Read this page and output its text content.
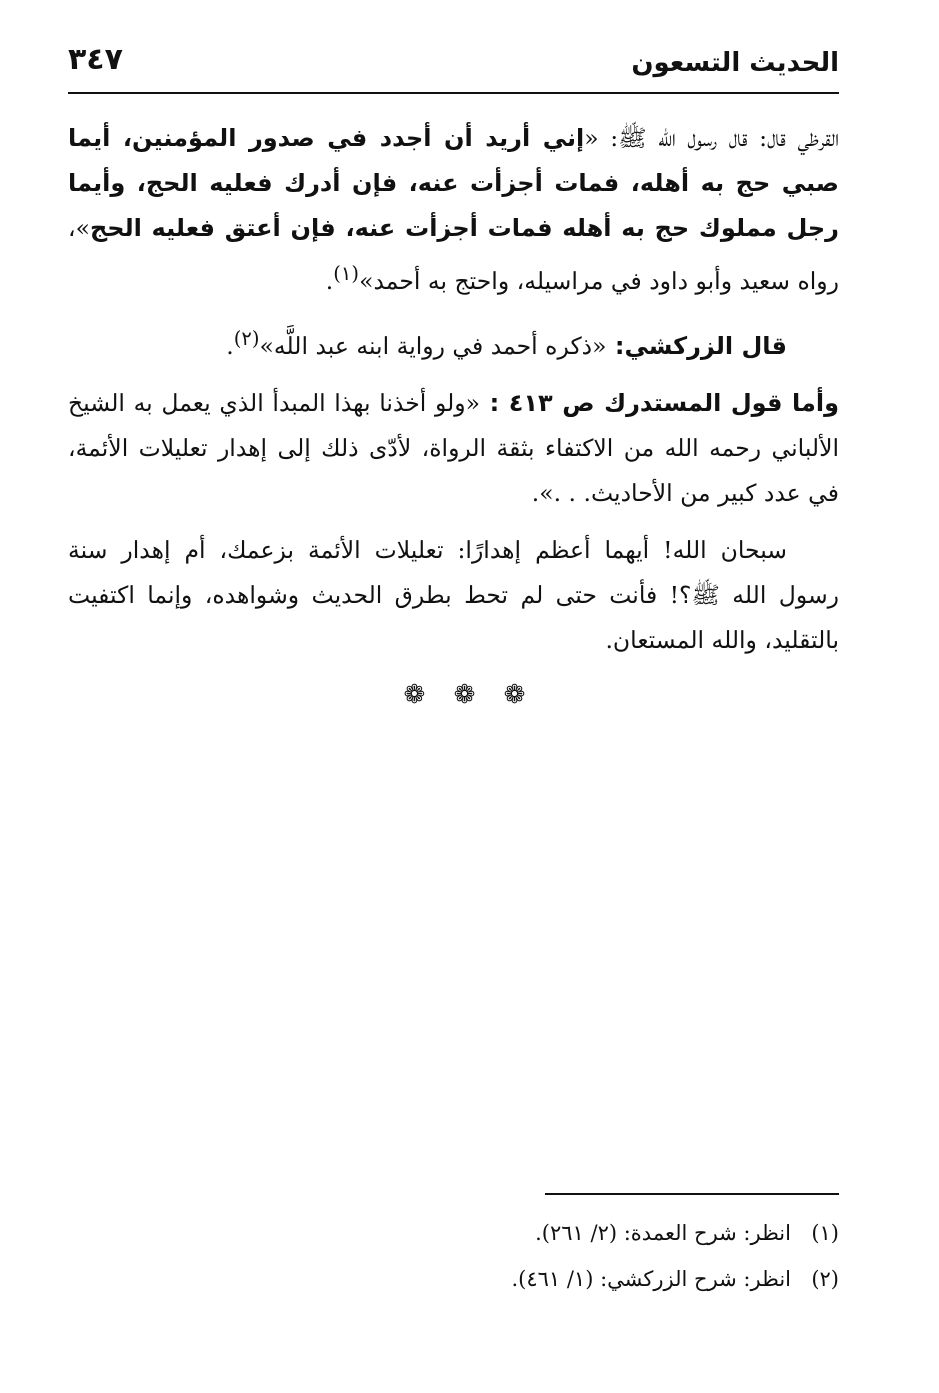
٣٤٧	الحديث التسعون

القرظي قال: قال رسول الله ﷺ: «إني أريد أن أجدد في صدور المؤمنين، أيما صبي حج به أهله، فمات أجزأت عنه، فإن أدرك فعليه الحج، وأيما رجل مملوك حج به أهله فمات أجزأت عنه، فإن أعتق فعليه الحج»، رواه سعيد وأبو داود في مراسيله، واحتج به أحمد»$^{(١)}$.

قال الزركشي: «ذكره أحمد في رواية ابنه عبد اللَّه»$^{(٢)}$.

وأما قول المستدرك ص ٤١٣ : «ولو أخذنا بهذا المبدأ الذي يعمل به الشيخ الألباني رحمه الله من الاكتفاء بثقة الرواة، لأدّى ذلك إلى إهدار تعليلات الأئمة، في عدد كبير من الأحاديث. . .».

سبحان الله! أيهما أعظم إهدارًا: تعليلات الأئمة بزعمك، أم إهدار سنة رسول الله ﷺ؟! فأنت حتى لم تحط بطرق الحديث وشواهده، وإنما اكتفيت بالتقليد، والله المستعان.

❁ ❁ ❁
(١)
انظر: شرح العمدة: (٢/ ٢٦١).
(٢)
انظر: شرح الزركشي: (١/ ٤٦١).
